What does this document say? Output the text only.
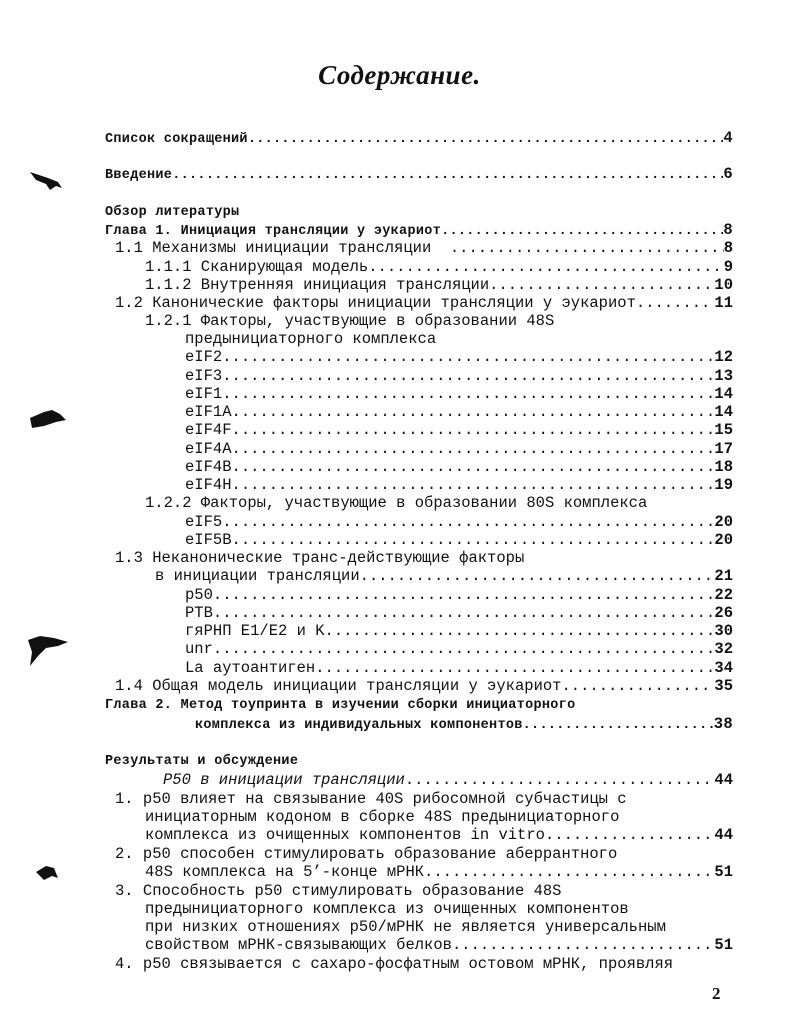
Содержание.
Список сокращений .....	4
Введение .....	6
Обзор литературы
Глава 1. Инициация трансляции у эукариот .....	8
1.1 Механизмы инициации трансляции .....	8
1.1.1 Сканирующая модель .....	9
1.1.2 Внутренняя инициация трансляции .....	10
1.2 Канонические факторы инициации трансляции у эукариот .....	11
1.2.1 Факторы, участвующие в образовании 48S
предынициаторного комплекса
eIF2 .....	12
eIF3 .....	13
eIF1 .....	14
eIF1A .....	14
eIF4F .....	15
eIF4A .....	17
eIF4B .....	18
eIF4H .....	19
1.2.2 Факторы, участвующие в образовании 80S комплекса
eIF5 .....	20
eIF5B .....	20
1.3 Неканонические транс-действующие факторы
в инициации трансляции .....	21
p50 .....	22
PTB .....	26
гяРНП E1/E2 и K .....	30
unr .....	32
La аутоантиген .....	34
1.4 Общая модель инициации трансляции у эукариот .....	35
Глава 2. Метод тоупринта в изучении сборки инициаторного
комплекса из индивидуальных компонентов .....	38
Результаты и обсуждение
P50 в инициации трансляции .....	44
1. p50 влияет на связывание 40S рибосомной субчастицы с
инициаторным кодоном в сборке 48S предынициаторного
комплекса из очищенных компонентов in vitro .....	44
2. p50 способен стимулировать образование аберрантного
48S комплекса на 5’-конце мРНК .....	51
3. Способность p50 стимулировать образование 48S
предынициаторного комплекса из очищенных компонентов
при низких отношениях p50/мРНК не является универсальным
свойством мРНК-связывающих белков .....	51
4. p50 связывается с сахаро-фосфатным остовом мРНК, проявляя
2
